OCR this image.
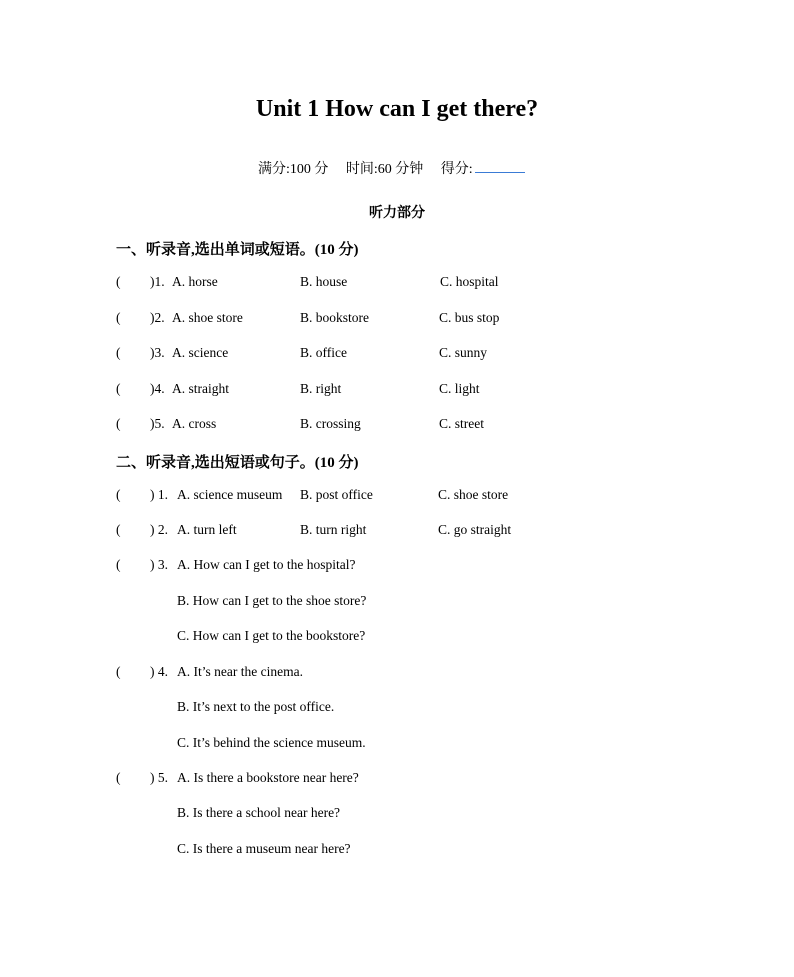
Unit 1 How can I get there?
满分:100 分 时间:60 分钟 得分:
听力部分
一、听录音,选出单词或短语。(10 分)
( )1. A. horse	B. house	C. hospital
( )2. A. shoe store	B. bookstore	C. bus stop
( )3. A. science	B. office	C. sunny
( )4. A. straight	B. right	C. light
( )5. A. cross	B. crossing	C. street
二、听录音,选出短语或句子。(10 分)
( ) 1. A. science museum B. post office	C. shoe store
( ) 2. A. turn left	B. turn right	C. go straight
( ) 3. A. How can I get to the hospital?
B. How can I get to the shoe store?
C. How can I get to the bookstore?
( ) 4. A. It’s near the cinema.
B. It’s next to the post office.
C. It’s behind the science museum.
( ) 5. A. Is there a bookstore near here?
B. Is there a school near here?
C. Is there a museum near here?
